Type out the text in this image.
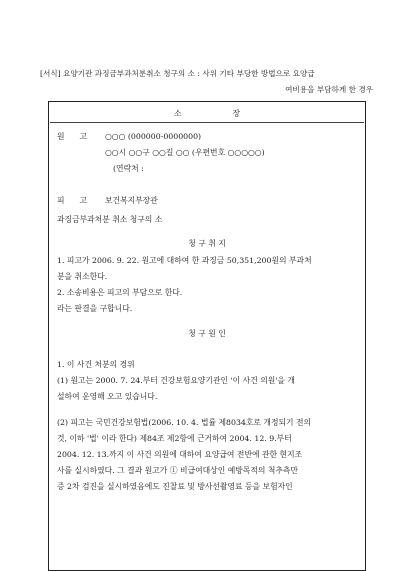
[서식] 요양기관 과징금부과처분취소 청구의 소 : 사위 기타 부당한 방법으로 요양급
여비용을 부담하게 한 경우
소	장
원 고 ○○○ (000000-0000000)
○○시 ○○구 ○○길 ○○ (우편번호 ○○○○○)
(연락처 :
피 고 보건복지부장관
과징금부과처분 취소 청구의 소
청 구 취 지
1. 피고가 2006. 9. 22. 원고에 대하여 한 과징금 50,351,200원의 부과처
분을 취소한다.
2. 소송비용은 피고의 부담으로 한다.
라는 판결을 구합니다.
청 구 원 인
1. 이 사건 처분의 경위
(1) 원고는 2000. 7. 24.부터 건강보험요양기관인 '이 사건 의원'을 개
설하여 운영해 오고 있습니다.
(2) 피고는 국민건강보험법(2006. 10. 4. 법률 제8034호로 개정되기 전의
것, 이하 '법' 이라 한다) 제84조 제2항에 근거하여 2004. 12. 9.부터
2004. 12. 13.까지 이 사건 의원에 대하여 요양급여 전반에 관한 현지조
사를 실시하였다. 그 결과 원고가 ① 비급여대상인 예방목적의 척추측만
증 2차 검진을 실시하였음에도 진찰료 및 방사선촬영료 등을 보험자인
